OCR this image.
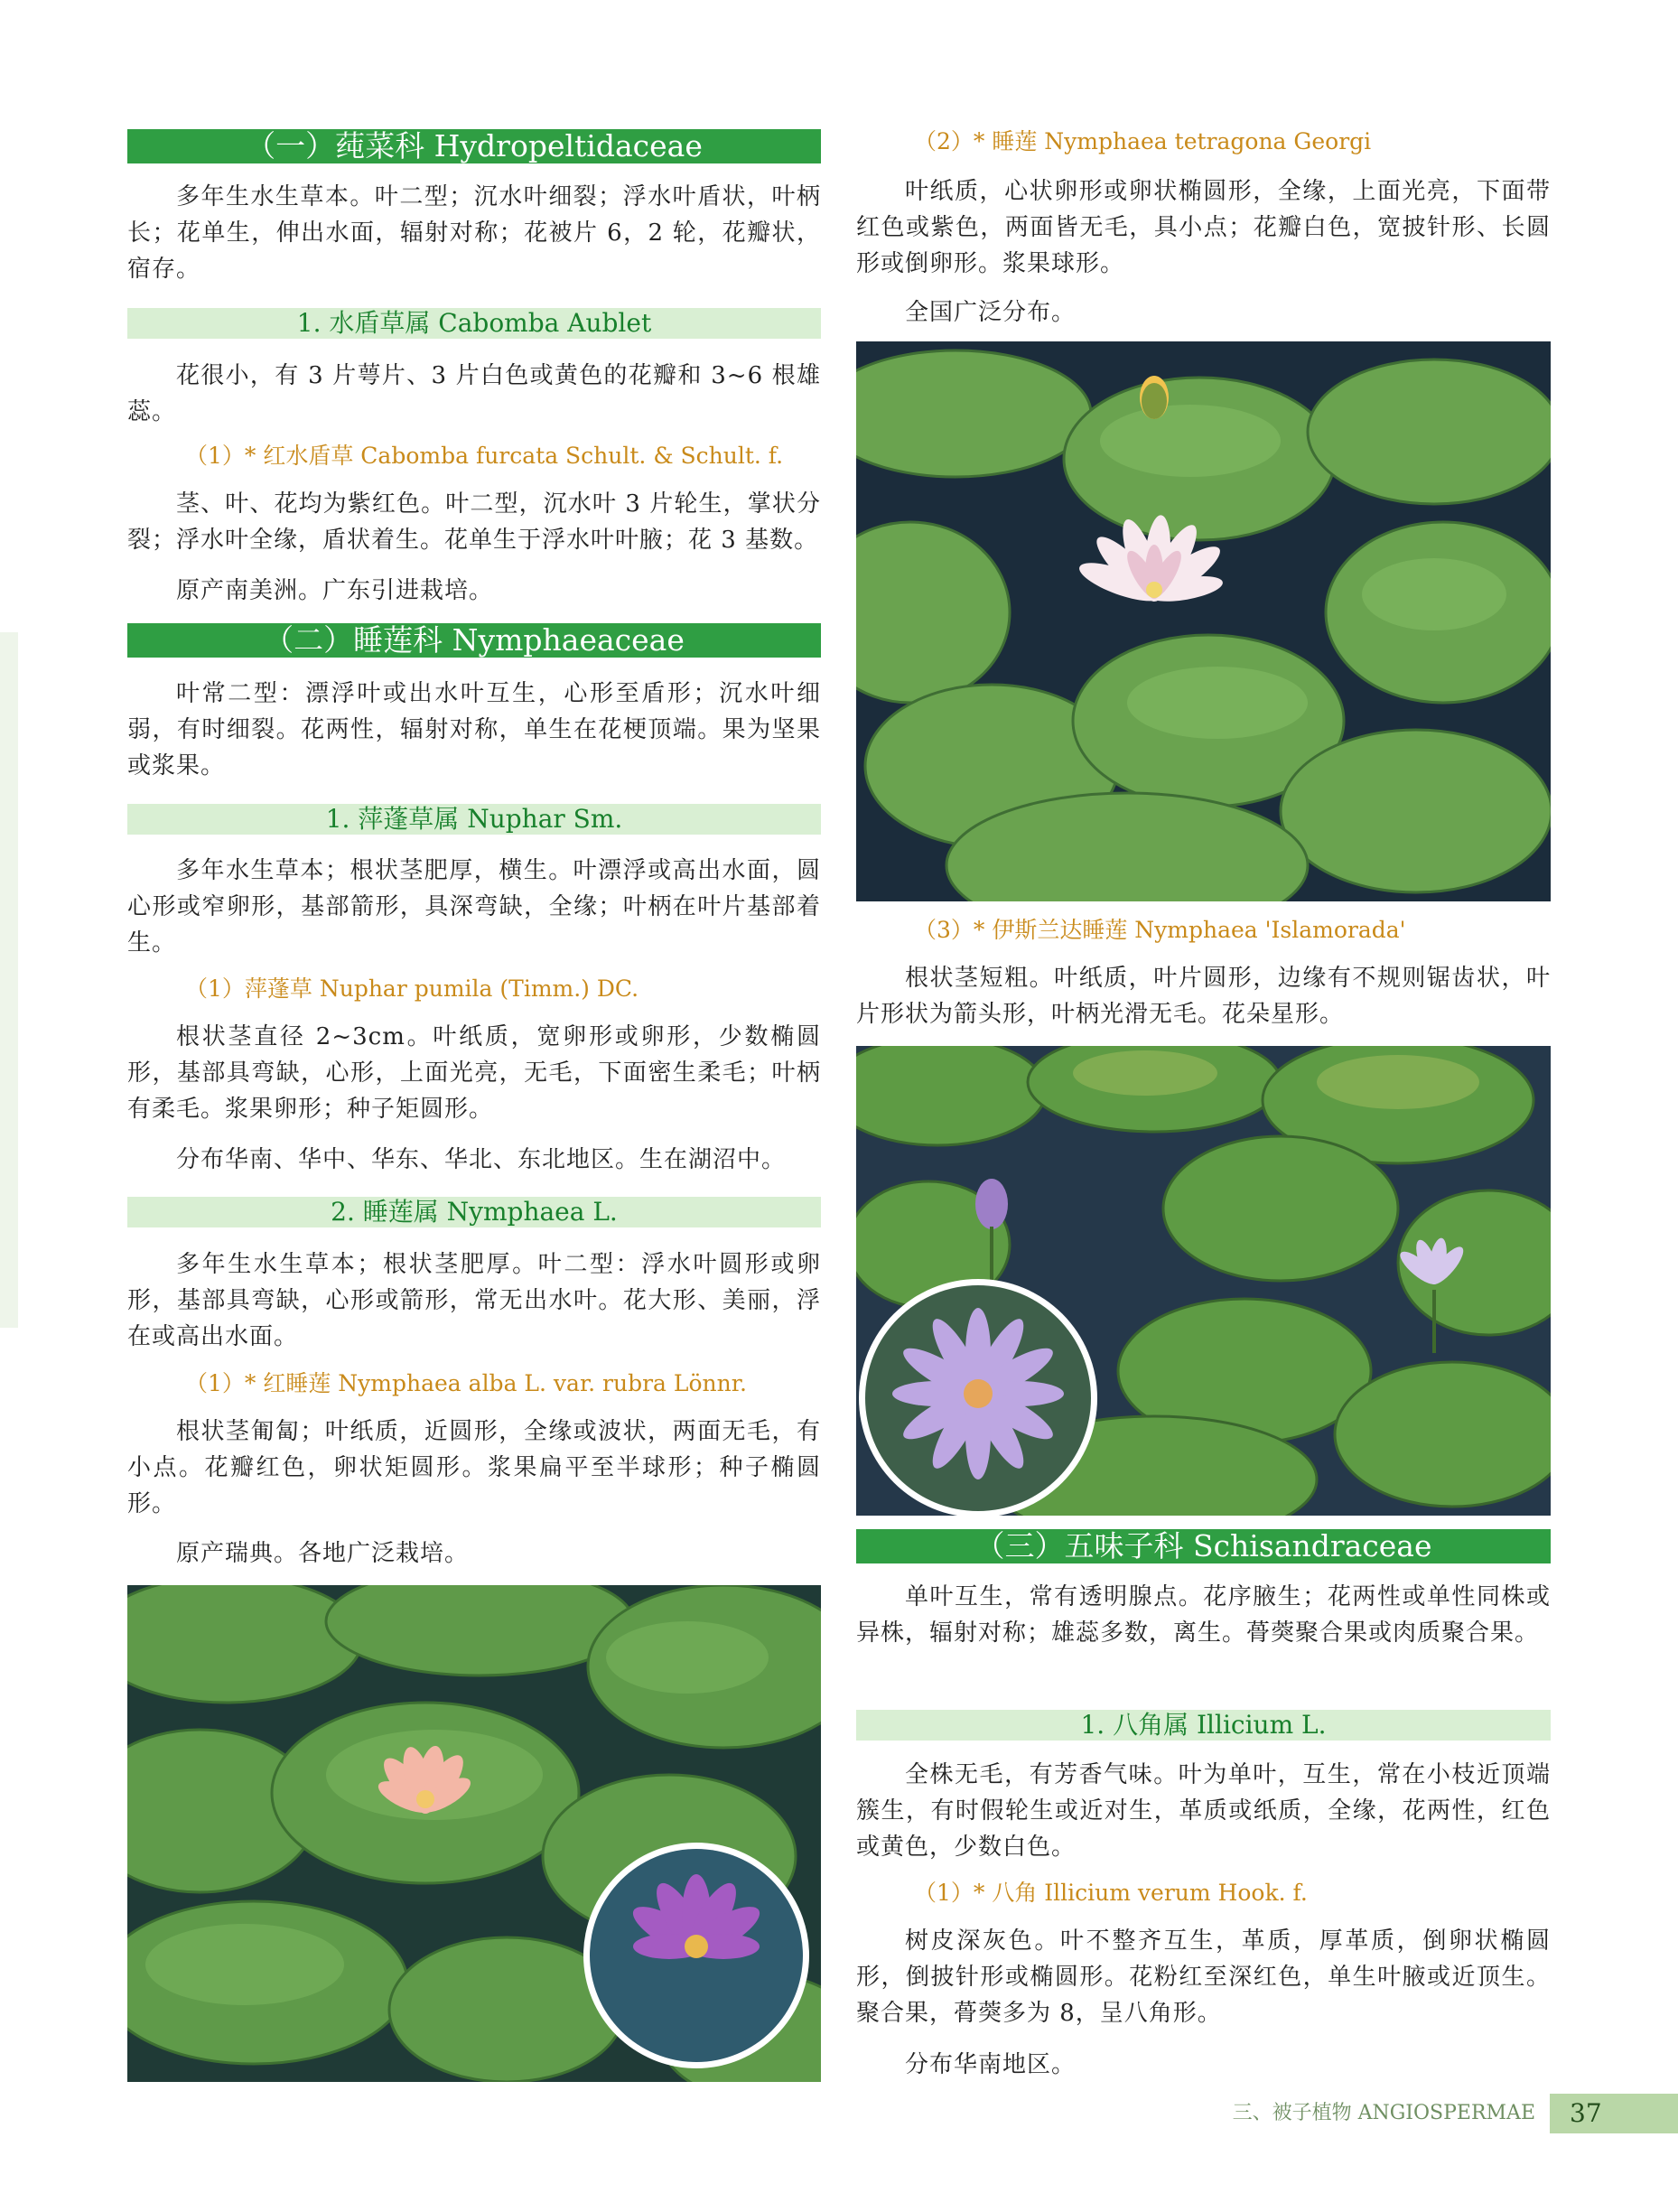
（一）莼菜科 Hydropeltidaceae

多年生水生草本。叶二型；沉水叶细裂；浮水叶盾状，叶柄长；花单生，伸出水面，辐射对称；花被片 6，2 轮，花瓣状，宿存。

1. 水盾草属 Cabomba Aublet

花很小，有 3 片萼片、3 片白色或黄色的花瓣和 3~6 根雄蕊。

（1）* 红水盾草 Cabomba furcata Schult. & Schult. f.

茎、叶、花均为紫红色。叶二型，沉水叶 3 片轮生，掌状分裂；浮水叶全缘，盾状着生。花单生于浮水叶叶腋；花 3 基数。

原产南美洲。广东引进栽培。

（二）睡莲科 Nymphaeaceae

叶常二型：漂浮叶或出水叶互生，心形至盾形；沉水叶细弱，有时细裂。花两性，辐射对称，单生在花梗顶端。果为坚果或浆果。

1. 萍蓬草属 Nuphar Sm.

多年水生草本；根状茎肥厚，横生。叶漂浮或高出水面，圆心形或窄卵形，基部箭形，具深弯缺，全缘；叶柄在叶片基部着生。

（1）萍蓬草 Nuphar pumila (Timm.) DC.

根状茎直径 2~3cm。叶纸质，宽卵形或卵形，少数椭圆形，基部具弯缺，心形，上面光亮，无毛，下面密生柔毛；叶柄有柔毛。浆果卵形；种子矩圆形。

分布华南、华中、华东、华北、东北地区。生在湖沼中。

2. 睡莲属 Nymphaea L.

多年生水生草本；根状茎肥厚。叶二型：浮水叶圆形或卵形，基部具弯缺，心形或箭形，常无出水叶。花大形、美丽，浮在或高出水面。

（1）* 红睡莲 Nymphaea alba L. var. rubra Lönnr.

根状茎匍匐；叶纸质，近圆形，全缘或波状，两面无毛，有小点。花瓣红色，卵状矩圆形。浆果扁平至半球形；种子椭圆形。

原产瑞典。各地广泛栽培。

（2）* 睡莲 Nymphaea tetragona Georgi

叶纸质，心状卵形或卵状椭圆形，全缘，上面光亮，下面带红色或紫色，两面皆无毛，具小点；花瓣白色，宽披针形、长圆形或倒卵形。浆果球形。

全国广泛分布。

（3）* 伊斯兰达睡莲 Nymphaea 'Islamorada'

根状茎短粗。叶纸质，叶片圆形，边缘有不规则锯齿状，叶片形状为箭头形，叶柄光滑无毛。花朵星形。

（三）五味子科 Schisandraceae

单叶互生，常有透明腺点。花序腋生；花两性或单性同株或异株，辐射对称；雄蕊多数，离生。蓇葖聚合果或肉质聚合果。

1. 八角属 Illicium L.

全株无毛，有芳香气味。叶为单叶，互生，常在小枝近顶端簇生，有时假轮生或近对生，革质或纸质，全缘，花两性，红色或黄色，少数白色。

（1）* 八角 Illicium verum Hook. f.

树皮深灰色。叶不整齐互生，革质，厚革质，倒卵状椭圆形，倒披针形或椭圆形。花粉红至深红色，单生叶腋或近顶生。聚合果，蓇葖多为 8，呈八角形。

分布华南地区。

三、被子植物 ANGIOSPERMAE	37
